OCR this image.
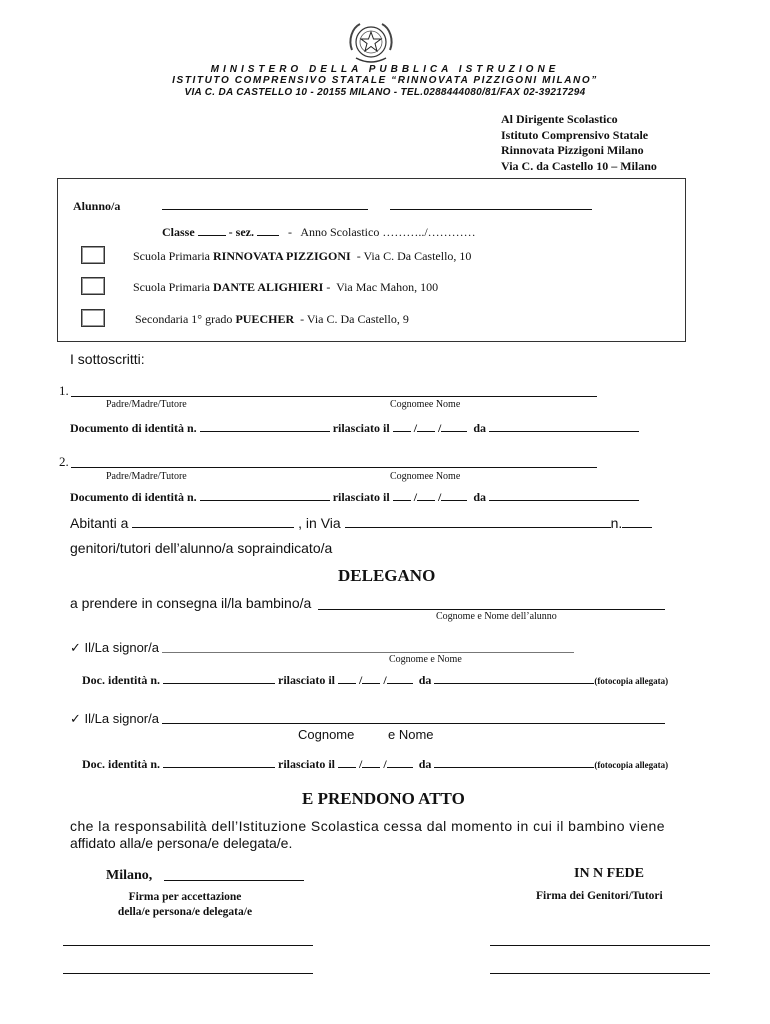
MINISTERO DELLA PUBBLICA ISTRUZIONE
ISTITUTO COMPRENSIVO STATALE “RINNOVATA PIZZIGONI MILANO”
VIA C. DA CASTELLO 10 - 20155 MILANO - TEL.0288444080/81/FAX 02-39217294
Al Dirigente Scolastico
Istituto Comprensivo Statale
Rinnovata Pizzigoni Milano
Via C. da Castello 10 – Milano
Alunno/a
Classe	- sez.	- Anno Scolastico ………../…………
Scuola Primaria RINNOVATA PIZZIGONI  - Via C. Da Castello, 10
Scuola Primaria DANTE ALIGHIERI -  Via Mac Mahon, 100
Secondaria 1° grado PUECHER  - Via C. Da Castello, 9
I sottoscritti:
1.
Padre/Madre/Tutore	Cognomee Nome
Documento di identità n.	rilasciato il / /	da
2.
Padre/Madre/Tutore	Cognomee Nome
Documento di identità n.	rilasciato il / /	da
Abitanti a	, in Via	n.
genitori/tutori dell’alunno/a sopraindicato/a
DELEGANO
a prendere in consegna il/la bambino/a
Cognome e Nome dell’alunno
✓ Il/La signor/a
Cognome e Nome
Doc. identità n.	rilasciato il / /	da	(fotocopia allegata)
✓ Il/La signor/a
Cognome	e Nome
Doc. identità n.	rilasciato il / /	da	(fotocopia allegata)
E PRENDONO ATTO
che la responsabilità dell’Istituzione Scolastica cessa dal momento in cui il bambino viene
affidato alla/e persona/e delegata/e.
Milano,	IN N FEDE
Firma per accettazione
della/e persona/e delegata/e
Firma dei Genitori/Tutori
